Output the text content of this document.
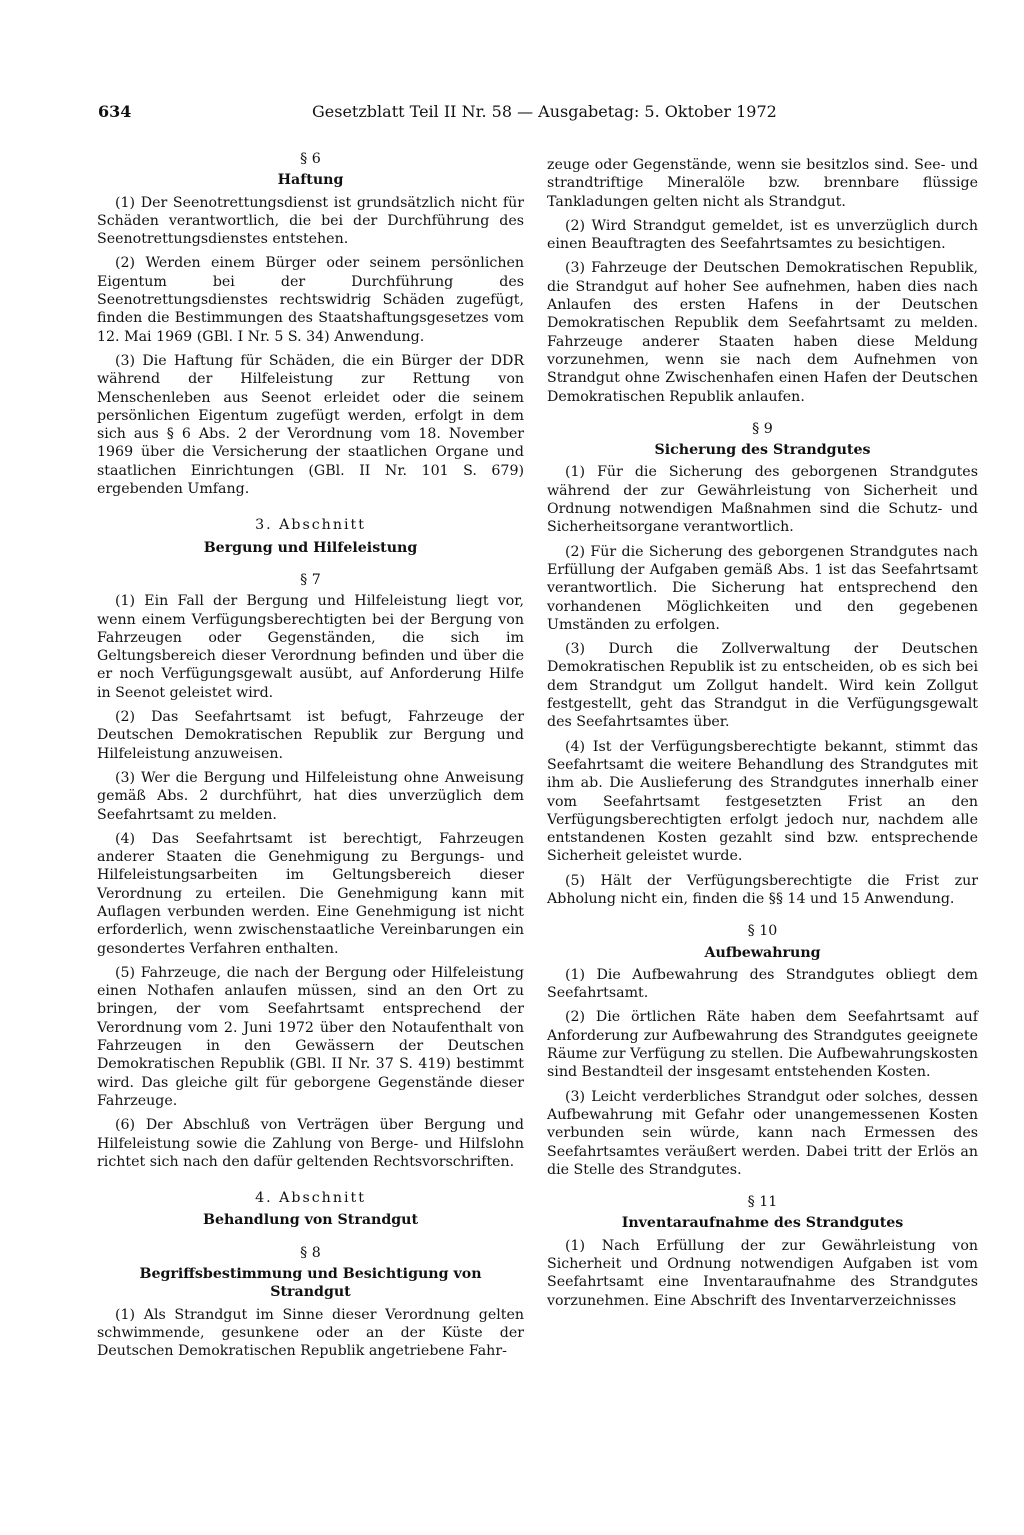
634	Gesetzblatt Teil II Nr. 58 — Ausgabetag: 5. Oktober 1972
§ 6
Haftung

(1) Der Seenotrettungsdienst ist grundsätzlich nicht für Schäden verantwortlich, die bei der Durchführung des Seenotrettungsdienstes entstehen.

(2) Werden einem Bürger oder seinem persönlichen Eigentum bei der Durchführung des Seenotrettungsdienstes rechtswidrig Schäden zugefügt, finden die Bestimmungen des Staatshaftungsgesetzes vom 12. Mai 1969 (GBl. I Nr. 5 S. 34) Anwendung.

(3) Die Haftung für Schäden, die ein Bürger der DDR während der Hilfeleistung zur Rettung von Menschenleben aus Seenot erleidet oder die seinem persönlichen Eigentum zugefügt werden, erfolgt in dem sich aus § 6 Abs. 2 der Verordnung vom 18. November 1969 über die Versicherung der staatlichen Organe und staatlichen Einrichtungen (GBl. II Nr. 101 S. 679) ergebenden Umfang.

3. Abschnitt
Bergung und Hilfeleistung
§ 7

(1) Ein Fall der Bergung und Hilfeleistung liegt vor, wenn einem Verfügungsberechtigten bei der Bergung von Fahrzeugen oder Gegenständen, die sich im Geltungsbereich dieser Verordnung befinden und über die er noch Verfügungsgewalt ausübt, auf Anforderung Hilfe in Seenot geleistet wird.

(2) Das Seefahrtsamt ist befugt, Fahrzeuge der Deutschen Demokratischen Republik zur Bergung und Hilfeleistung anzuweisen.

(3) Wer die Bergung und Hilfeleistung ohne Anweisung gemäß Abs. 2 durchführt, hat dies unverzüglich dem Seefahrtsamt zu melden.

(4) Das Seefahrtsamt ist berechtigt, Fahrzeugen anderer Staaten die Genehmigung zu Bergungs- und Hilfeleistungsarbeiten im Geltungsbereich dieser Verordnung zu erteilen. Die Genehmigung kann mit Auflagen verbunden werden. Eine Genehmigung ist nicht erforderlich, wenn zwischenstaatliche Vereinbarungen ein gesondertes Verfahren enthalten.

(5) Fahrzeuge, die nach der Bergung oder Hilfeleistung einen Nothafen anlaufen müssen, sind an den Ort zu bringen, der vom Seefahrtsamt entsprechend der Verordnung vom 2. Juni 1972 über den Notaufenthalt von Fahrzeugen in den Gewässern der Deutschen Demokratischen Republik (GBl. II Nr. 37 S. 419) bestimmt wird. Das gleiche gilt für geborgene Gegenstände dieser Fahrzeuge.

(6) Der Abschluß von Verträgen über Bergung und Hilfeleistung sowie die Zahlung von Berge- und Hilfslohn richtet sich nach den dafür geltenden Rechtsvorschriften.

4. Abschnitt
Behandlung von Strandgut
§ 8
Begriffsbestimmung und Besichtigung von Strandgut

(1) Als Strandgut im Sinne dieser Verordnung gelten schwimmende, gesunkene oder an der Küste der Deutschen Demokratischen Republik angetriebene Fahr-

zeuge oder Gegenstände, wenn sie besitzlos sind. See- und strandtriftige Mineralöle bzw. brennbare flüssige Tankladungen gelten nicht als Strandgut.

(2) Wird Strandgut gemeldet, ist es unverzüglich durch einen Beauftragten des Seefahrtsamtes zu besichtigen.

(3) Fahrzeuge der Deutschen Demokratischen Republik, die Strandgut auf hoher See aufnehmen, haben dies nach Anlaufen des ersten Hafens in der Deutschen Demokratischen Republik dem Seefahrtsamt zu melden. Fahrzeuge anderer Staaten haben diese Meldung vorzunehmen, wenn sie nach dem Aufnehmen von Strandgut ohne Zwischenhafen einen Hafen der Deutschen Demokratischen Republik anlaufen.

§ 9
Sicherung des Strandgutes

(1) Für die Sicherung des geborgenen Strandgutes während der zur Gewährleistung von Sicherheit und Ordnung notwendigen Maßnahmen sind die Schutz- und Sicherheitsorgane verantwortlich.

(2) Für die Sicherung des geborgenen Strandgutes nach Erfüllung der Aufgaben gemäß Abs. 1 ist das Seefahrtsamt verantwortlich. Die Sicherung hat entsprechend den vorhandenen Möglichkeiten und den gegebenen Umständen zu erfolgen.

(3) Durch die Zollverwaltung der Deutschen Demokratischen Republik ist zu entscheiden, ob es sich bei dem Strandgut um Zollgut handelt. Wird kein Zollgut festgestellt, geht das Strandgut in die Verfügungsgewalt des Seefahrtsamtes über.

(4) Ist der Verfügungsberechtigte bekannt, stimmt das Seefahrtsamt die weitere Behandlung des Strandgutes mit ihm ab. Die Auslieferung des Strandgutes innerhalb einer vom Seefahrtsamt festgesetzten Frist an den Verfügungsberechtigten erfolgt jedoch nur, nachdem alle entstandenen Kosten gezahlt sind bzw. entsprechende Sicherheit geleistet wurde.

(5) Hält der Verfügungsberechtigte die Frist zur Abholung nicht ein, finden die §§ 14 und 15 Anwendung.

§ 10
Aufbewahrung

(1) Die Aufbewahrung des Strandgutes obliegt dem Seefahrtsamt.

(2) Die örtlichen Räte haben dem Seefahrtsamt auf Anforderung zur Aufbewahrung des Strandgutes geeignete Räume zur Verfügung zu stellen. Die Aufbewahrungskosten sind Bestandteil der insgesamt entstehenden Kosten.

(3) Leicht verderbliches Strandgut oder solches, dessen Aufbewahrung mit Gefahr oder unangemessenen Kosten verbunden sein würde, kann nach Ermessen des Seefahrtsamtes veräußert werden. Dabei tritt der Erlös an die Stelle des Strandgutes.

§ 11
Inventaraufnahme des Strandgutes

(1) Nach Erfüllung der zur Gewährleistung von Sicherheit und Ordnung notwendigen Aufgaben ist vom Seefahrtsamt eine Inventaraufnahme des Strandgutes vorzunehmen. Eine Abschrift des Inventarverzeichnisses
